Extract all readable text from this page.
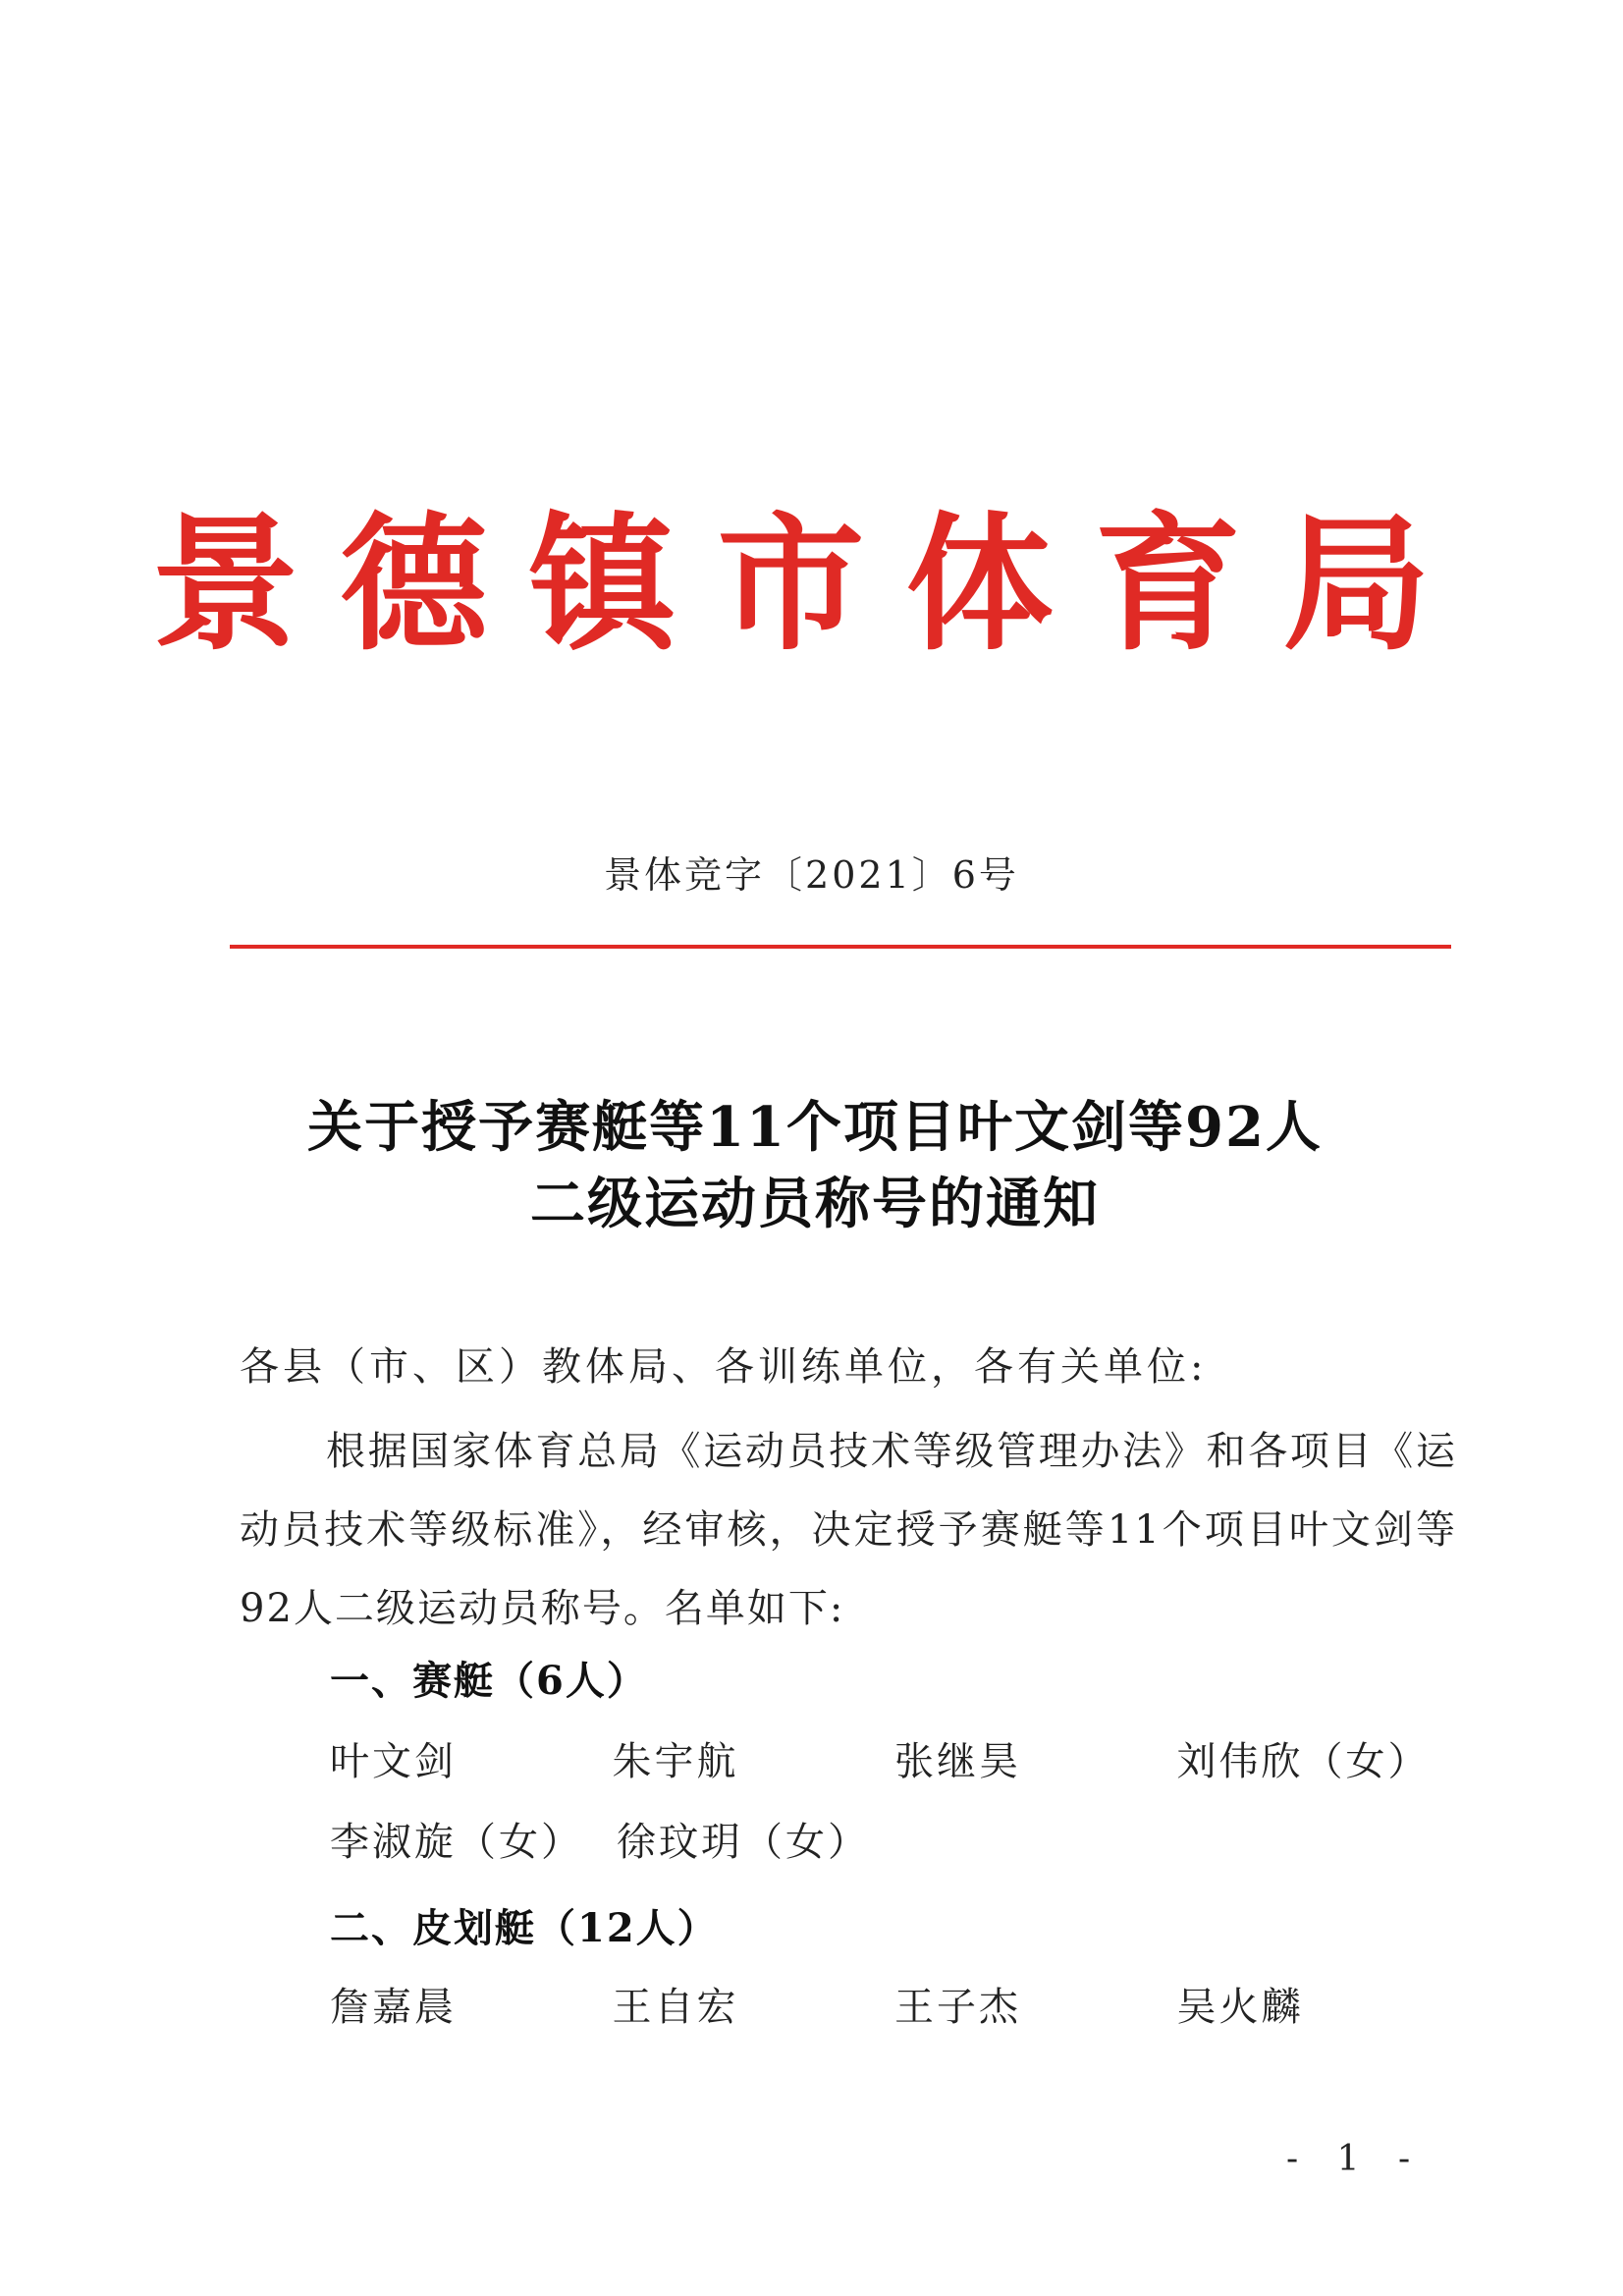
景德镇市体育局
景体竞字〔2021〕6号
关于授予赛艇等11个项目叶文剑等92人
二级运动员称号的通知
各县（市、区）教体局、各训练单位，各有关单位:
根据国家体育总局《运动员技术等级管理办法》和各项目《运动员技术等级标准》，经审核，决定授予赛艇等11个项目叶文剑等92人二级运动员称号。名单如下:
一、赛艇（6人）
叶文剑	朱宇航	张继昊	刘伟欣（女）
李淑旋（女） 徐玟玥（女）
二、皮划艇（12人）
詹嘉晨	王自宏	王子杰	吴火麟
- 1 -
